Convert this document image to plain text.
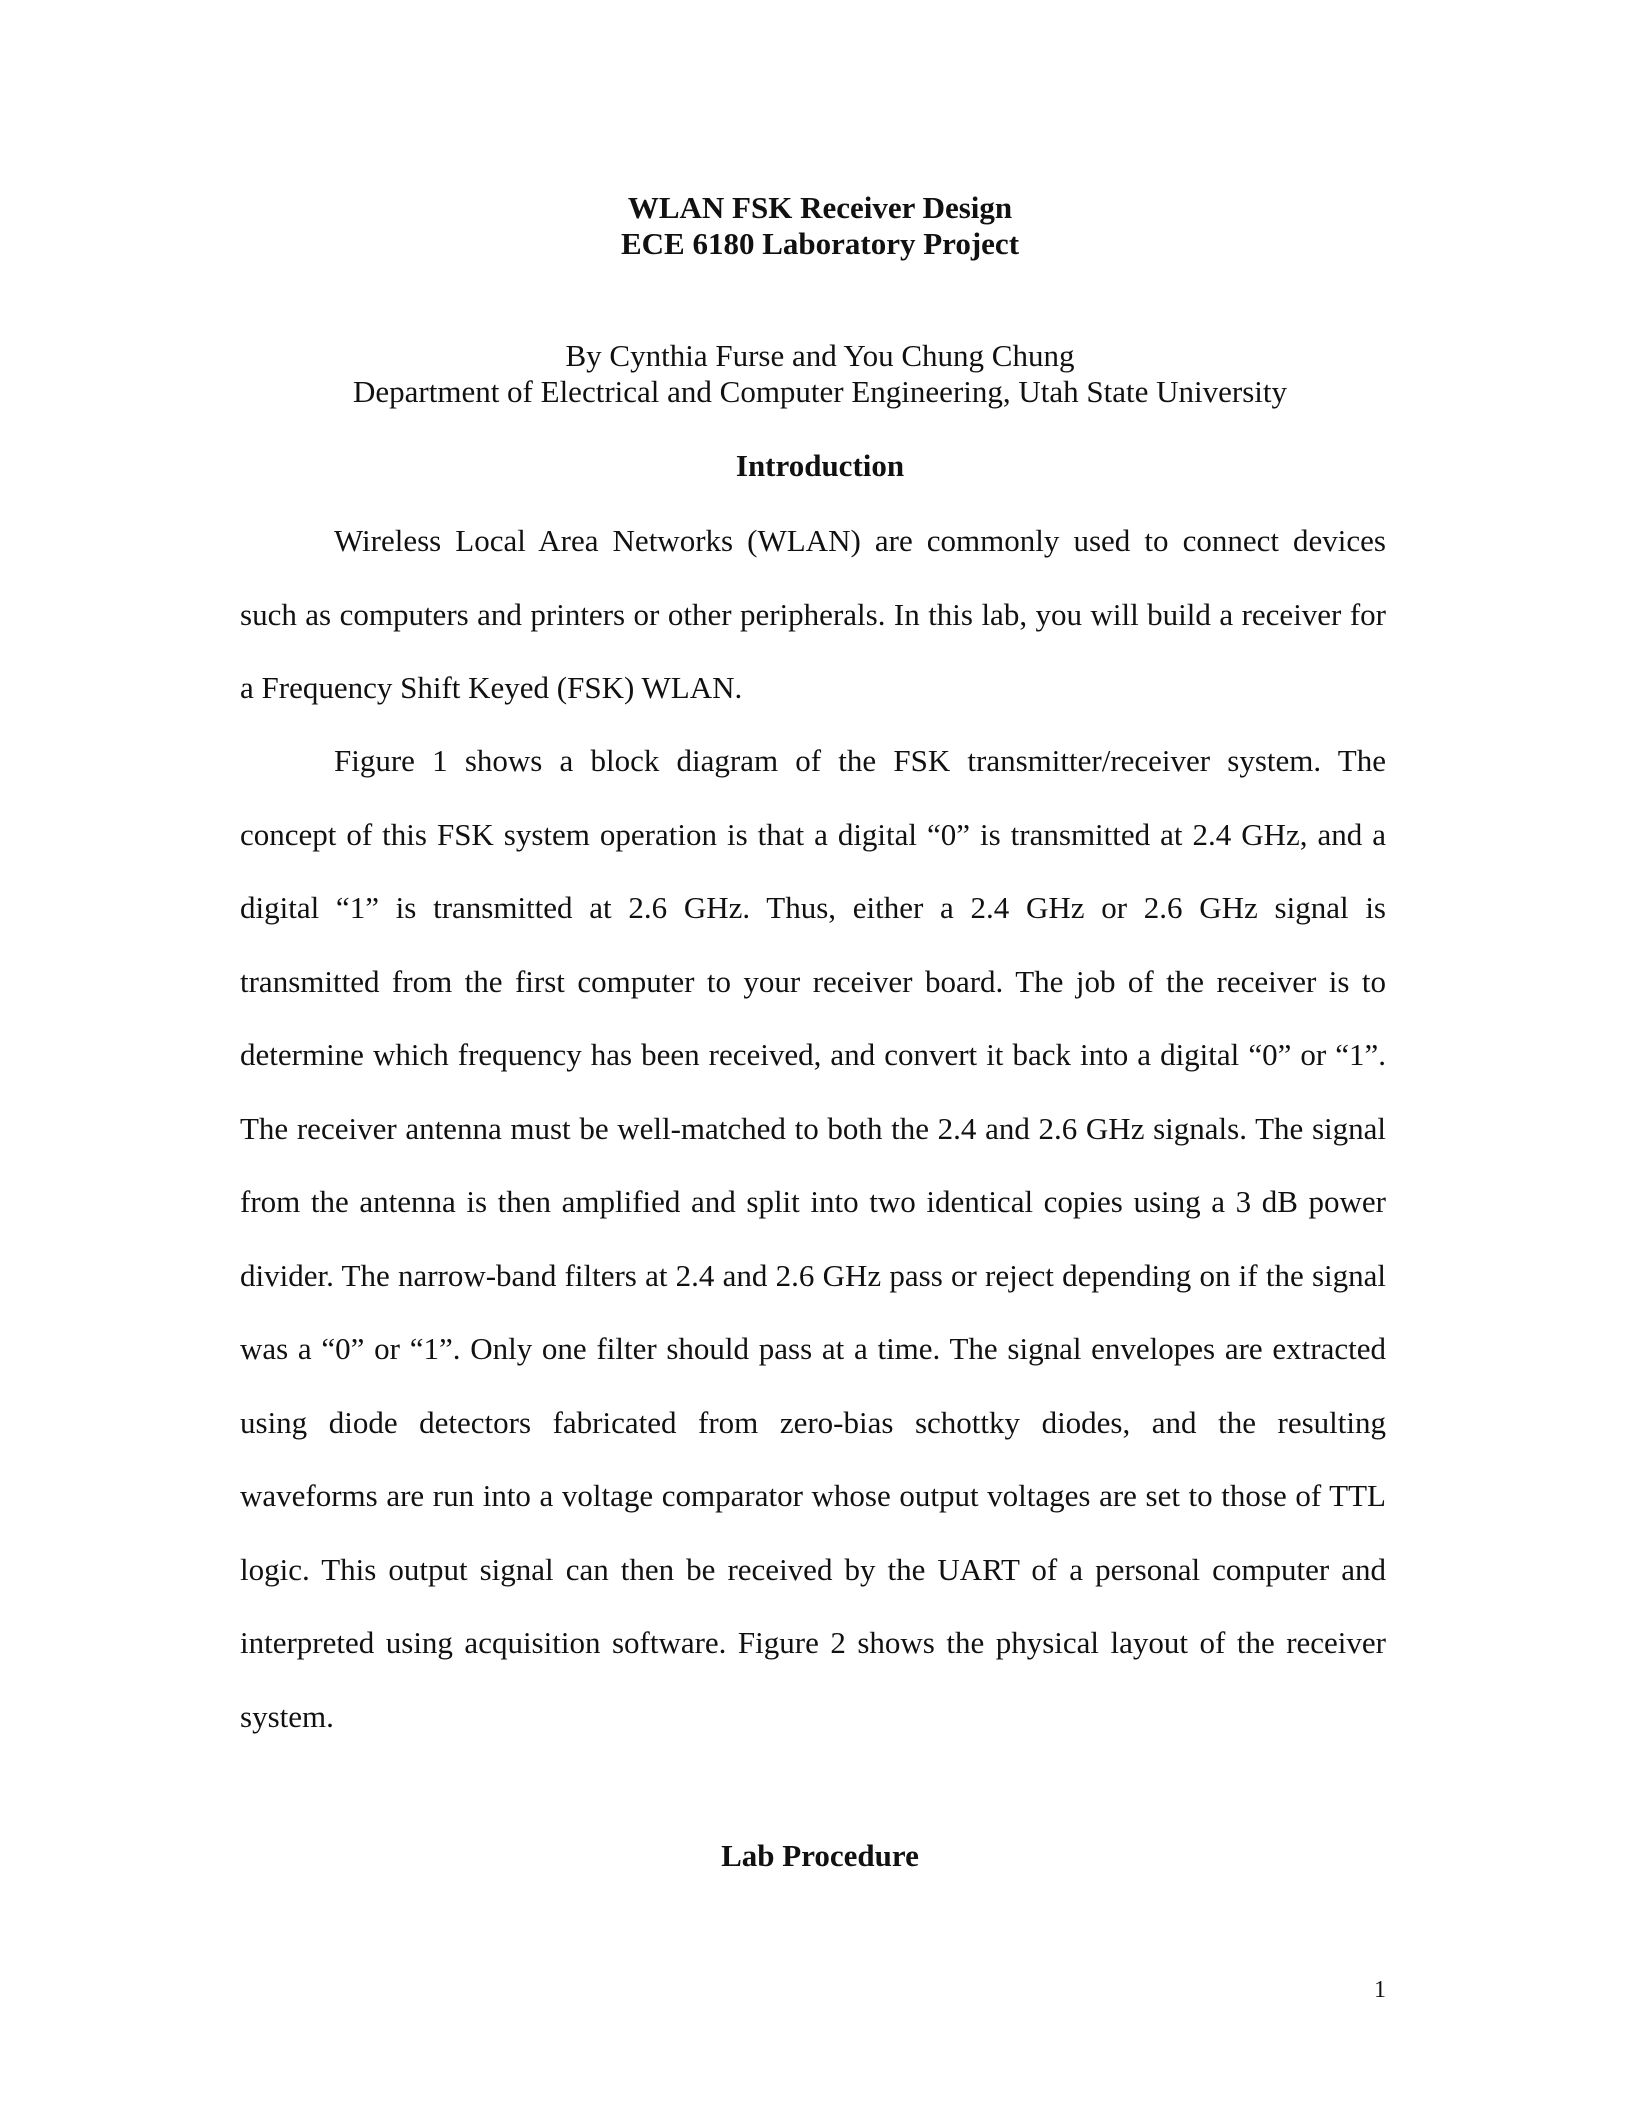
WLAN FSK Receiver Design

ECE 6180 Laboratory Project

By Cynthia Furse and You Chung Chung

Department of Electrical and Computer Engineering, Utah State University

Introduction

Wireless Local Area Networks (WLAN) are commonly used to connect devices such as computers and printers or other peripherals. In this lab, you will build a receiver for a Frequency Shift Keyed (FSK) WLAN.

Figure 1 shows a block diagram of the FSK transmitter/receiver system. The concept of this FSK system operation is that a digital “0” is transmitted at 2.4 GHz, and a digital “1” is transmitted at 2.6 GHz. Thus, either a 2.4 GHz or 2.6 GHz signal is transmitted from the first computer to your receiver board. The job of the receiver is to determine which frequency has been received, and convert it back into a digital “0” or “1”. The receiver antenna must be well-matched to both the 2.4 and 2.6 GHz signals. The signal from the antenna is then amplified and split into two identical copies using a 3 dB power divider. The narrow-band filters at 2.4 and 2.6 GHz pass or reject depending on if the signal was a “0” or “1”. Only one filter should pass at a time. The signal envelopes are extracted using diode detectors fabricated from zero-bias schottky diodes, and the resulting waveforms are run into a voltage comparator whose output voltages are set to those of TTL logic. This output signal can then be received by the UART of a personal computer and interpreted using acquisition software. Figure 2 shows the physical layout of the receiver system.

Lab Procedure
1
